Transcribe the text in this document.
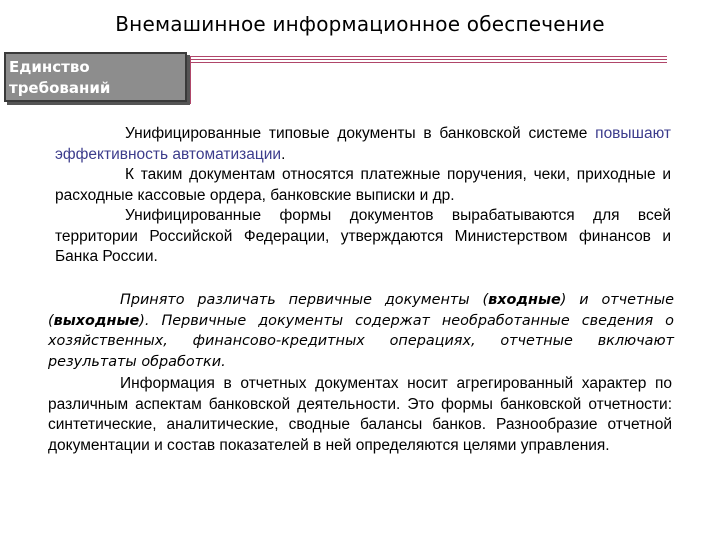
Внемашинное информационное обеспечение
Единство
требований

Унифицированные типовые документы в банковской системе повышают эффективность автоматизации.

К таким документам относятся платежные поручения, чеки, приходные и расходные кассовые ордера, банковские выписки и др.

Унифицированные формы документов вырабатываются для всей территории Российской Федерации, утверждаются Министерством финансов и Банка России.

Принято различать первичные документы (входные) и отчетные (выходные). Первичные документы содержат необработанные сведения о хозяйственных, финансово-кредитных операциях, отчетные включают результаты обработки.

Информация в отчетных документах носит агрегированный характер по различным аспектам банковской деятельности. Это формы банковской отчетности: синтетические, аналитические, сводные балансы банков. Разнообразие отчетной документации и состав показателей в ней определяются целями управления.
